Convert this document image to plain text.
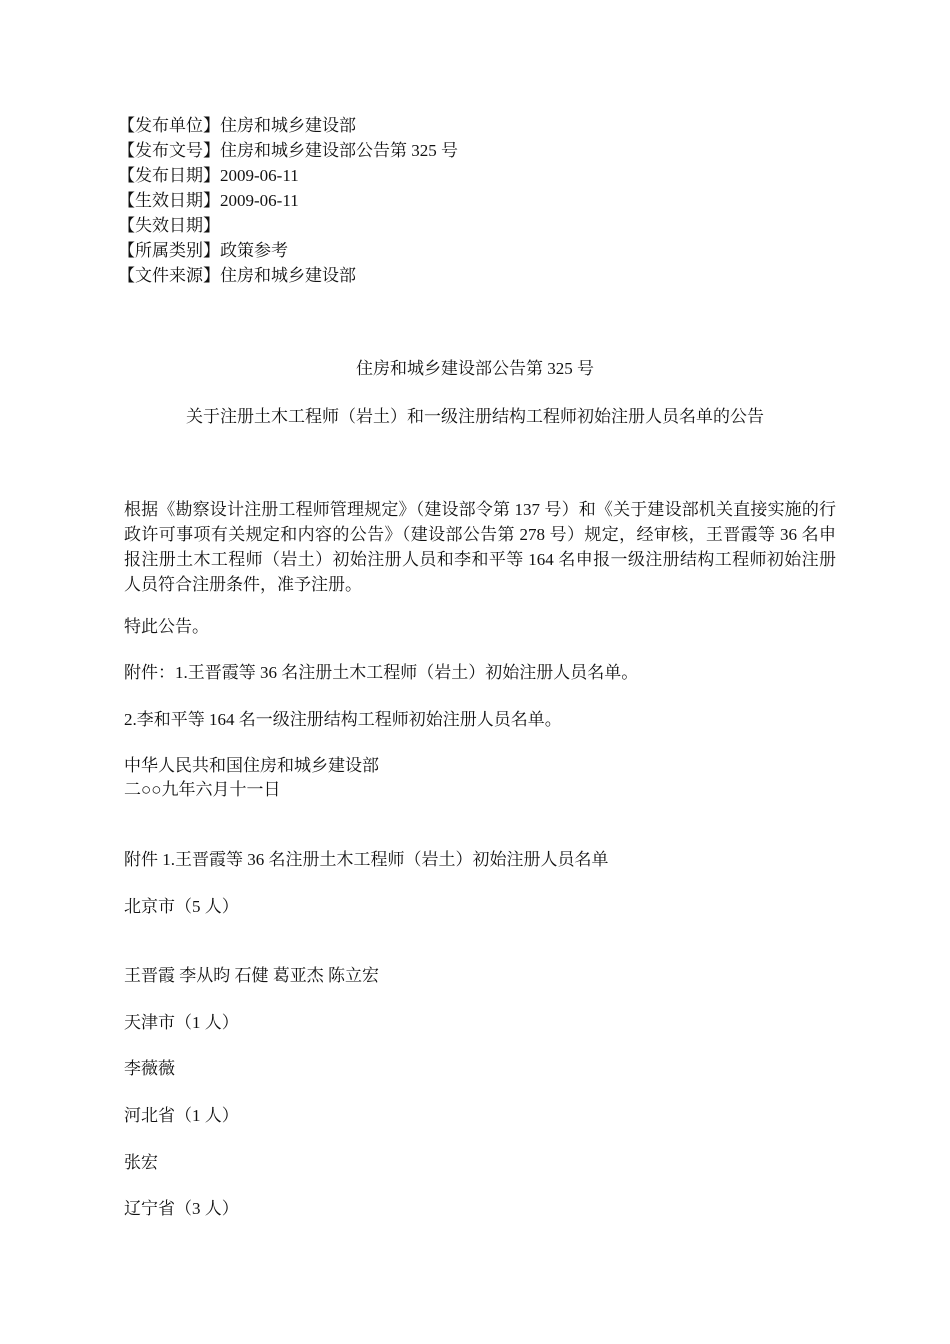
【发布单位】住房和城乡建设部
【发布文号】住房和城乡建设部公告第 325 号
【发布日期】2009-06-11
【生效日期】2009-06-11
【失效日期】
【所属类别】政策参考
【文件来源】住房和城乡建设部
住房和城乡建设部公告第 325 号
关于注册土木工程师（岩土）和一级注册结构工程师初始注册人员名单的公告
根据《勘察设计注册工程师管理规定》（建设部令第 137 号）和《关于建设部机关直接实施的行政许可事项有关规定和内容的公告》（建设部公告第 278 号）规定，经审核，王晋霞等 36 名申报注册土木工程师（岩土）初始注册人员和李和平等 164 名申报一级注册结构工程师初始注册人员符合注册条件，准予注册。
特此公告。
附件：1.王晋霞等 36 名注册土木工程师（岩土）初始注册人员名单。
2.李和平等 164 名一级注册结构工程师初始注册人员名单。
中华人民共和国住房和城乡建设部
二○○九年六月十一日
附件 1.王晋霞等 36 名注册土木工程师（岩土）初始注册人员名单
北京市（5 人）
王晋霞 李从昀 石健 葛亚杰 陈立宏
天津市（1 人）
李薇薇
河北省（1 人）
张宏
辽宁省（3 人）
